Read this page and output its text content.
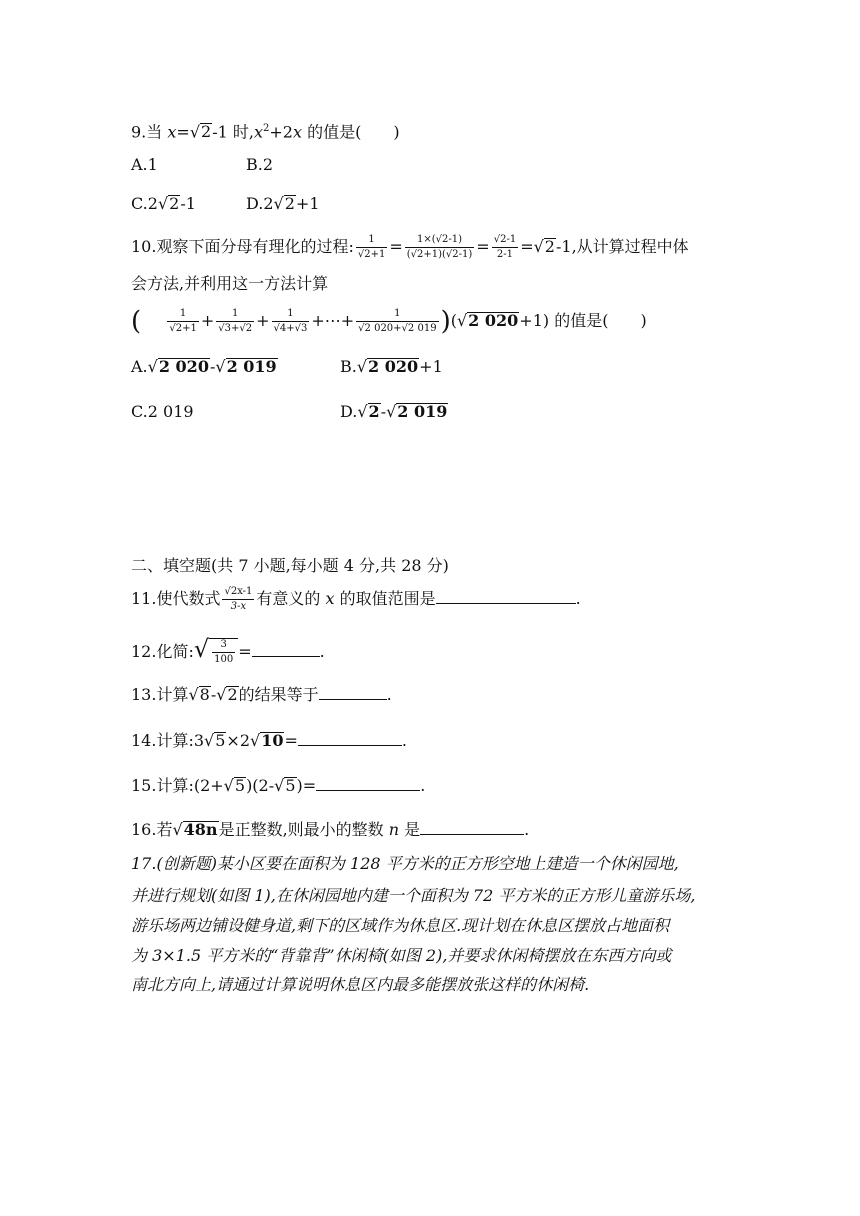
9.当 x=√2-1 时$,x^2+2x$ 的值是(　　)
A.1	B.2
C.2√2-1	D.2√2+1
10.观察下面分母有理化的过程: $\frac{1}{√2+1} = \frac{1\times(√2-1)}{(√2+1)(√2-1)} = \frac{√2-1}{2-1} =√2-1$,从计算过程中体
会方法,并利用这一方法计算
(	$\frac{1}{√2+1} + \frac{1}{√3+√2} + \frac{1}{√4+√3}$ +⋯+ $\frac{1}{√2 020+√2 019} )(√2$ 020+1) 的值是(　　)
A.√2 020-√2 019	B.√2 020+1
C.2 019	D.√2-√2 019
二、填空题(共 7 小题,每小题 4 分,共 28 分)
11.使代数式 $\frac{√2x-1}{3-x}$ 有意义的 x 的取值范围是	.
12.化简:√ $\frac{3}{100}$ =	.
13.计算√8-√2的结果等于	.
14.计算:3√5×2√10=	.
15.计算:(2+√5)(2-√5)=	.
16.若√48n是正整数,则最小的整数 n 是	.
17.(创新题)某小区要在面积为 128 平方米的正方形空地上建造一个休闲园地,
并进行规划(如图 1),在休闲园地内建一个面积为 72 平方米的正方形儿童游乐场,
游乐场两边铺设健身道,剩下的区域作为休息区.现计划在休息区摆放占地面积
为 3×1.5 平方米的“背靠背”休闲椅(如图 2),并要求休闲椅摆放在东西方向或
南北方向上,请通过计算说明休息区内最多能摆放张这样的休闲椅.
